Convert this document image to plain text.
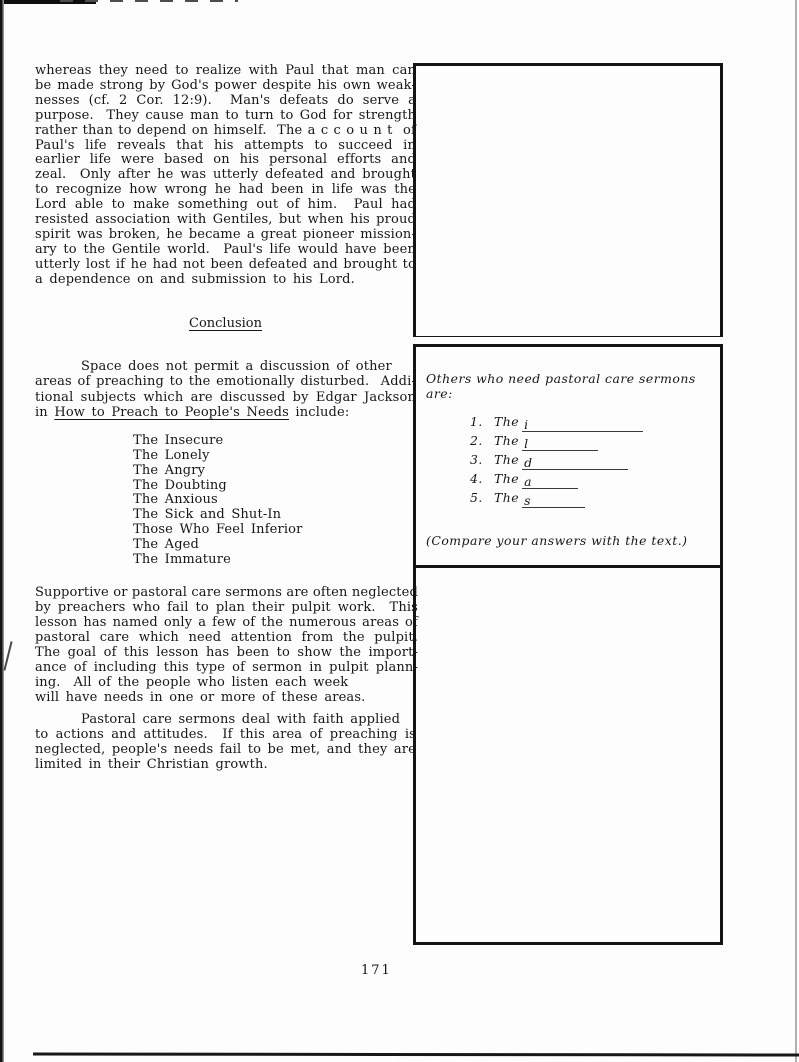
whereas they need to realize with Paul that man can
be made strong by God's power despite his own weak-
nesses (cf. 2 Cor. 12:9).  Man's defeats do serve a
purpose.  They cause man to turn to God for strength
rather than to depend on himself.  The a c c o u n t  of
Paul's life reveals that his attempts to succeed in
earlier life were based on his personal efforts and
zeal.  Only after he was utterly defeated and brought
to recognize how wrong he had been in life was the
Lord able to make something out of him.  Paul had
resisted association with Gentiles, but when his proud
spirit was broken, he became a great pioneer mission-
ary to the Gentile world.  Paul's life would have been
utterly lost if he had not been defeated and brought to
a dependence on and submission to his Lord.
Conclusion
Space does not permit a discussion of other
areas of preaching to the emotionally disturbed.  Addi-
tional subjects which are discussed by Edgar Jackson
in How to Preach to People's Needs include:
The Insecure
The Lonely
The Angry
The Doubting
The Anxious
The Sick and Shut-In
Those Who Feel Inferior
The Aged
The Immature
Supportive or pastoral care sermons are often neglected
by preachers who fail to plan their pulpit work.  This
lesson has named only a few of the numerous areas of
pastoral care which need attention from the pulpit.
The goal of this lesson has been to show the import-
ance of including this type of sermon in pulpit plann-
ing.  All of the people who listen each week
will have needs in one or more of these areas.
Pastoral care sermons deal with faith applied
to actions and attitudes.  If this area of preaching is
neglected, people's needs fail to be met, and they are
limited in their Christian growth.
171
Others who need pastoral care sermons are:
1. The i
2. The l
3. The d
4. The a
5. The s
(Compare your answers with the text.)
